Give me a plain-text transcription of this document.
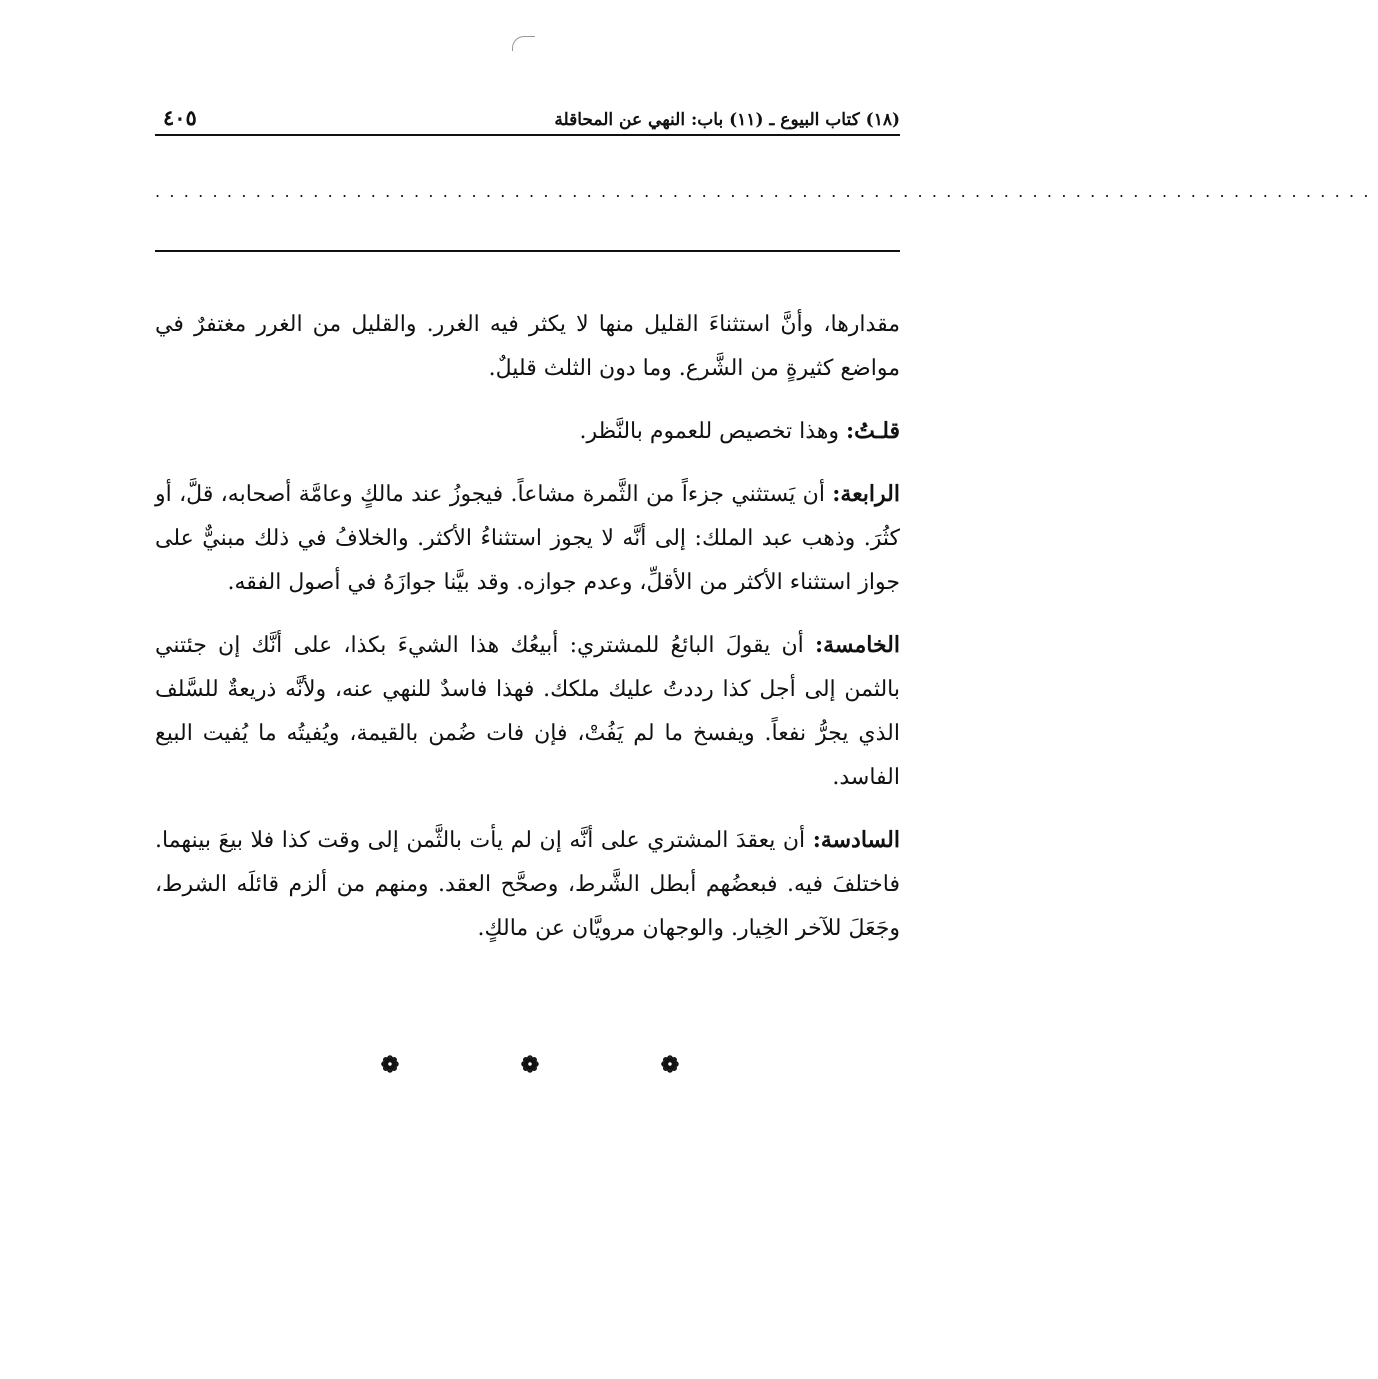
(١٨) كتاب البيوع ـ (١١) باب: النهي عن المحاقلة
٤٠٥
.....................................................................................

مقدارها، وأنَّ استثناءَ القليل منها لا يكثر فيه الغرر. والقليل من الغرر مغتفرٌ في مواضع كثيرةٍ من الشَّرع. وما دون الثلث قليلٌ.

قلـتُ: وهذا تخصيص للعموم بالنَّظر.

الرابعة: أن يَستثني جزءاً من الثَّمرة مشاعاً. فيجوزُ عند مالكٍ وعامَّة أصحابه، قلَّ، أو كثُرَ. وذهب عبد الملك: إلى أنَّه لا يجوز استثناءُ الأكثر. والخلافُ في ذلك مبنيٌّ على جواز استثناء الأكثر من الأقلِّ، وعدم جوازه. وقد بيَّنا جوازَهُ في أصول الفقه.

الخامسة: أن يقولَ البائعُ للمشتري: أبيعُك هذا الشيءَ بكذا، على أنَّك إن جئتني بالثمن إلى أجل كذا رددتُ عليك ملكك. فهذا فاسدٌ للنهي عنه، ولأنَّه ذريعةٌ للسَّلف الذي يجرُّ نفعاً. ويفسخ ما لم يَفُتْ، فإن فات ضُمن بالقيمة، ويُفيتُه ما يُفيت البيع الفاسد.

السادسة: أن يعقدَ المشتري على أنَّه إن لم يأت بالثَّمن إلى وقت كذا فلا بيعَ بينهما. فاختلفَ فيه. فبعضُهم أبطل الشَّرط، وصحَّح العقد. ومنهم من ألزم قائلَه الشرط، وجَعَلَ للآخر الخِيار. والوجهان مرويَّان عن مالكٍ.

❁	❁	❁
